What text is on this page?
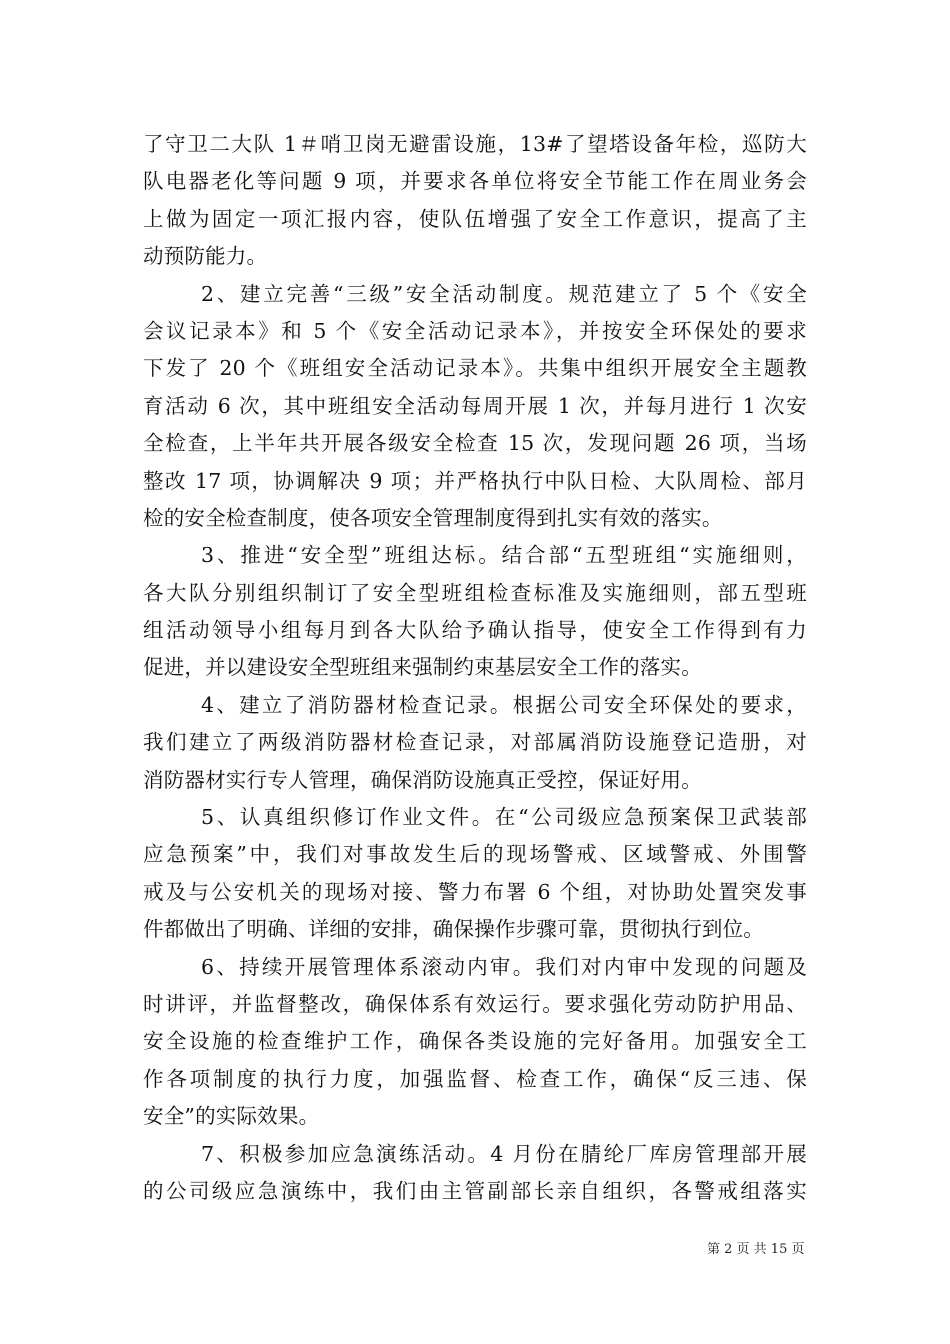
了守卫二大队 1＃哨卫岗无避雷设施，13#了望塔设备年检，巡防大
队电器老化等问题 9 项，并要求各单位将安全节能工作在周业务会
上做为固定一项汇报内容，使队伍增强了安全工作意识，提高了主
动预防能力。
2、建立完善“三级”安全活动制度。规范建立了 5 个《安全
会议记录本》和 5 个《安全活动记录本》，并按安全环保处的要求
下发了 20 个《班组安全活动记录本》。共集中组织开展安全主题教
育活动 6 次，其中班组安全活动每周开展 1 次，并每月进行 1 次安
全检查，上半年共开展各级安全检查 15 次，发现问题 26 项，当场
整改 17 项，协调解决 9 项；并严格执行中队日检、大队周检、部月
检的安全检查制度，使各项安全管理制度得到扎实有效的落实。
3、推进“安全型”班组达标。结合部“五型班组“实施细则，
各大队分别组织制订了安全型班组检查标准及实施细则，部五型班
组活动领导小组每月到各大队给予确认指导，使安全工作得到有力
促进，并以建设安全型班组来强制约束基层安全工作的落实。
4、建立了消防器材检查记录。根据公司安全环保处的要求，
我们建立了两级消防器材检查记录，对部属消防设施登记造册，对
消防器材实行专人管理，确保消防设施真正受控，保证好用。
5、认真组织修订作业文件。在“公司级应急预案保卫武装部
应急预案”中，我们对事故发生后的现场警戒、区域警戒、外围警
戒及与公安机关的现场对接、警力布署 6 个组，对协助处置突发事
件都做出了明确、详细的安排，确保操作步骤可靠，贯彻执行到位。
6、持续开展管理体系滚动内审。我们对内审中发现的问题及
时讲评，并监督整改，确保体系有效运行。要求强化劳动防护用品、
安全设施的检查维护工作，确保各类设施的完好备用。加强安全工
作各项制度的执行力度，加强监督、检查工作，确保“反三违、保
安全”的实际效果。
7、积极参加应急演练活动。4 月份在腈纶厂库房管理部开展
的公司级应急演练中，我们由主管副部长亲自组织，各警戒组落实
第 2 页 共 15 页
